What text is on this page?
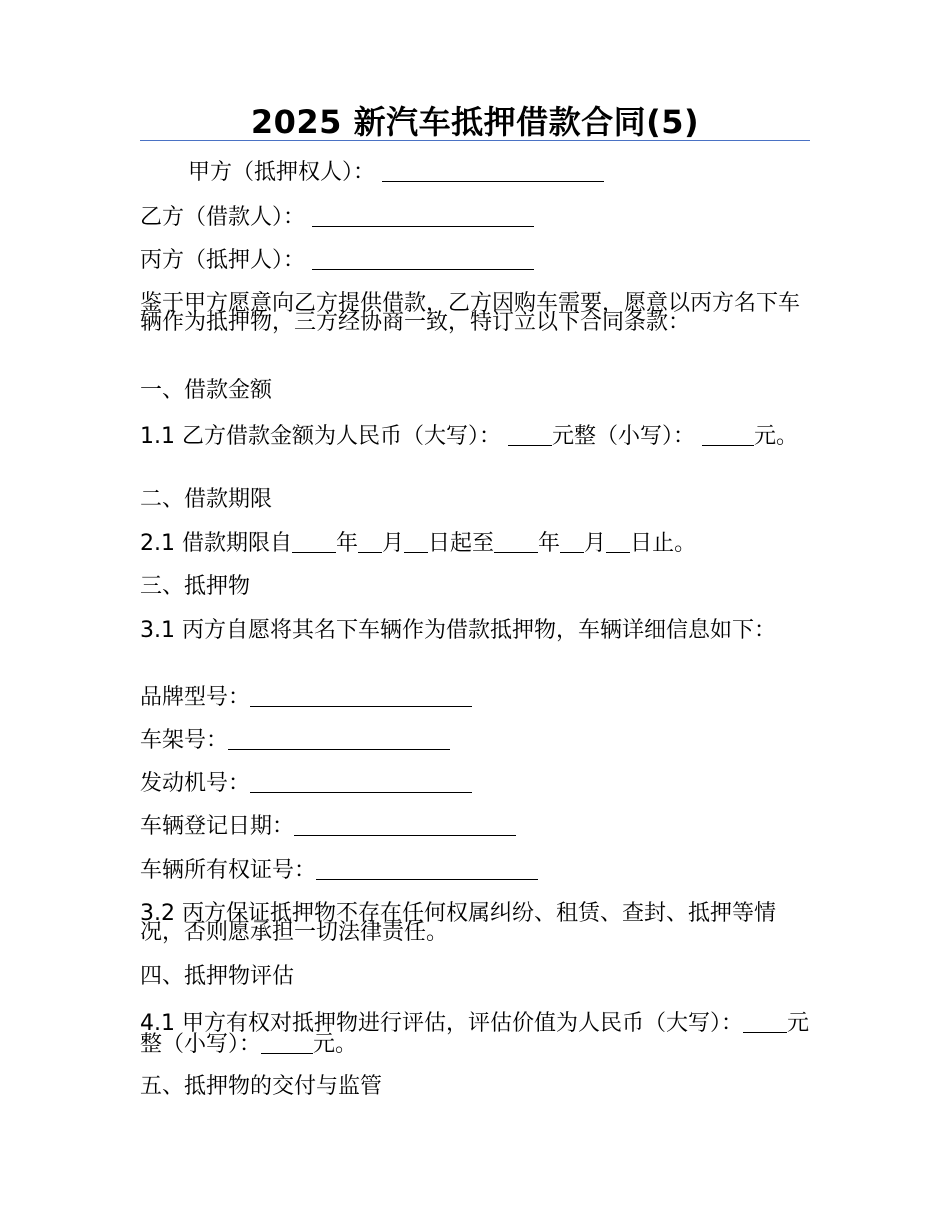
2025 新汽车抵押借款合同(5)
甲方（抵押权人）：
乙方（借款人）：
丙方（抵押人）：
鉴于甲方愿意向乙方提供借款，乙方因购车需要，愿意以丙方名下车辆作为抵押物，三方经协商一致，特订立以下合同条款：
一、借款金额
1.1 乙方借款金额为人民币（大写）： 元整（小写）：	元。
二、借款期限
2.1 借款期限自 年 月 日起至 年 月 日止。
三、抵押物
3.1 丙方自愿将其名下车辆作为借款抵押物，车辆详细信息如下：
品牌型号：
车架号：
发动机号：
车辆登记日期：
车辆所有权证号：
3.2 丙方保证抵押物不存在任何权属纠纷、租赁、查封、抵押等情况，否则愿承担一切法律责任。
四、抵押物评估
4.1 甲方有权对抵押物进行评估，评估价值为人民币（大写）： 元整（小写）： 元。
五、抵押物的交付与监管
